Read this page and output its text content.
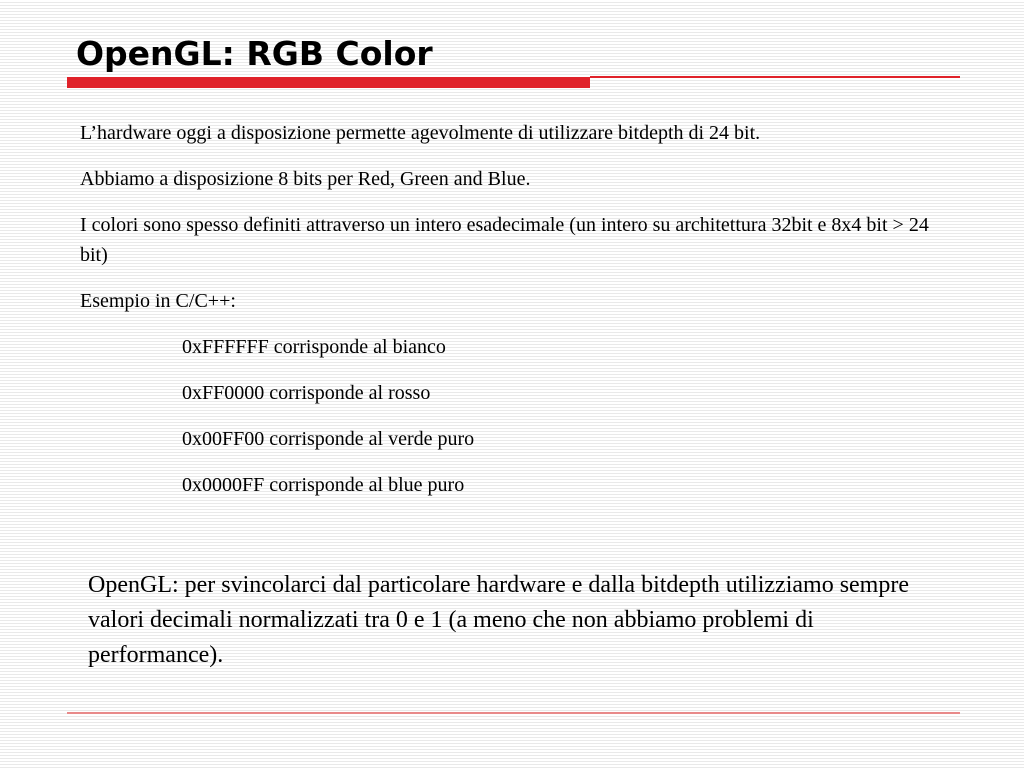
OpenGL: RGB Color

L’hardware oggi a disposizione permette agevolmente di utilizzare bitdepth di 24 bit.

Abbiamo a disposizione 8 bits per Red, Green and Blue.

I colori sono spesso definiti attraverso un intero esadecimale (un intero su architettura 32bit e 8x4 bit > 24 bit)

Esempio in C/C++:

0xFFFFFF corrisponde al bianco

0xFF0000 corrisponde al rosso

0x00FF00 corrisponde al verde puro

0x0000FF corrisponde al blue puro

OpenGL: per svincolarci dal particolare hardware e dalla bitdepth utilizziamo sempre valori decimali normalizzati tra 0 e 1 (a meno che non abbiamo problemi di performance).
